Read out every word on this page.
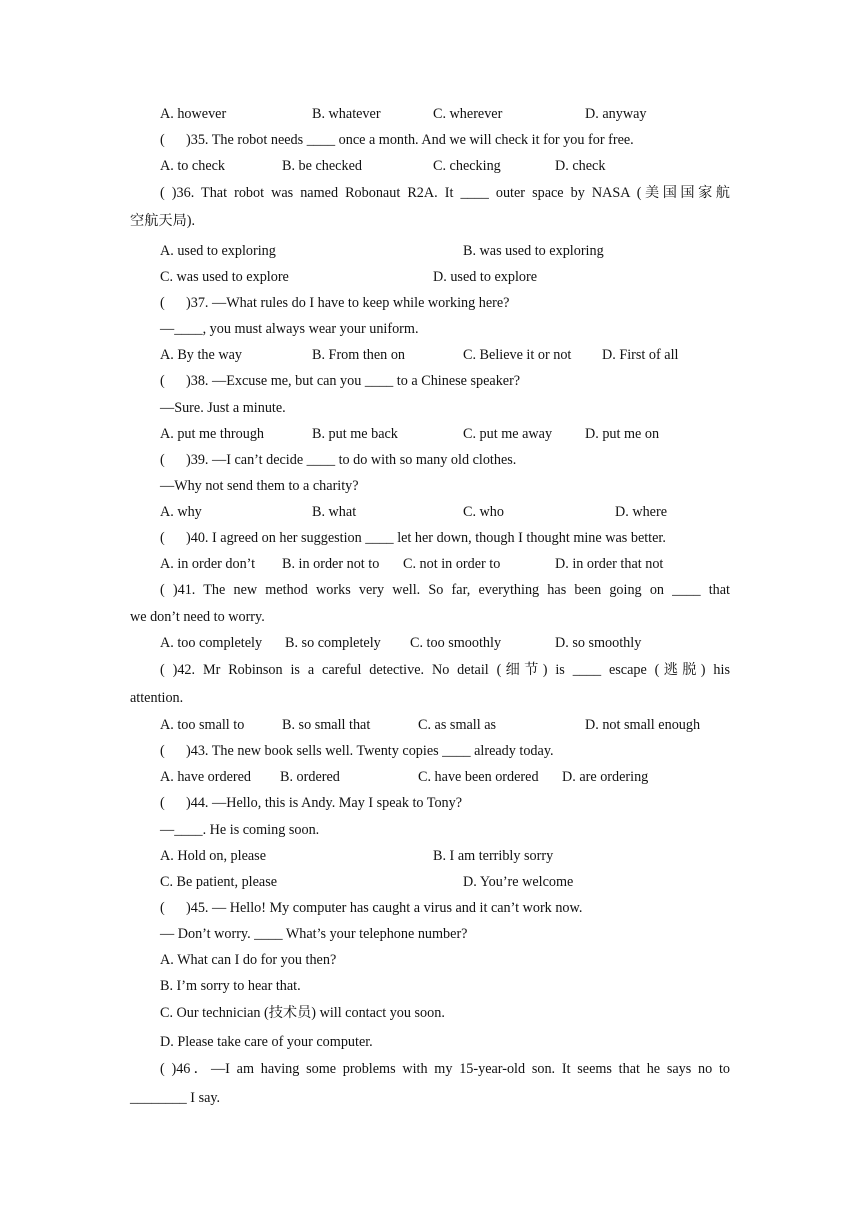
A. however	B. whatever	C. wherever	D. anyway
(      )35. The robot needs ____ once a month. And we will check it for you for free.
A. to check	B. be checked	C. checking	D. check
( )36. That robot was named Robonaut R2A. It ____ outer space by NASA (美国国家航
空航天局).
A. used to exploring	B. was used to exploring
C. was used to explore	D. used to explore
(      )37. —What rules do I have to keep while working here?
—____, you must always wear your uniform.
A. By the way	B. From then on	C. Believe it or not D. First of all
(      )38. —Excuse me, but can you ____ to a Chinese speaker?
—Sure. Just a minute.
A. put me through	B. put me back	C. put me away D. put me on
(      )39. —I can’t decide ____ to do with so many old clothes.
—Why not send them to a charity?
A. why	B. what	C. who	D. where
(      )40. I agreed on her suggestion ____ let her down, though I thought mine was better.
A. in order don’t B. in order not to C. not in order to	D. in order that not
( )41. The new method works very well. So far, everything has been going on ____ that
we don’t need to worry.
A. too completely B. so completely C. too smoothly	D. so smoothly
( )42. Mr Robinson is a careful detective. No detail (细节) is ____ escape (逃脱) his
attention.
A. too small to	B. so small that	C. as small as	D. not small enough
(      )43. The new book sells well. Twenty copies ____ already today.
A. have ordered B. ordered	C. have been ordered D. are ordering
(      )44. —Hello, this is Andy. May I speak to Tony?
—____. He is coming soon.
A. Hold on, please	B. I am terribly sorry
C. Be patient, please	D. You’re welcome
(      )45. — Hello! My computer has caught a virus and it can’t work now.
— Don’t worry. ____ What’s your telephone number?
A. What can I do for you then?
B. I’m sorry to hear that.
C. Our technician (技术员) will contact you soon.
D. Please take care of your computer.
( )46．—I am having some problems with my 15-year-old son. It seems that he says no to
________ I say.
